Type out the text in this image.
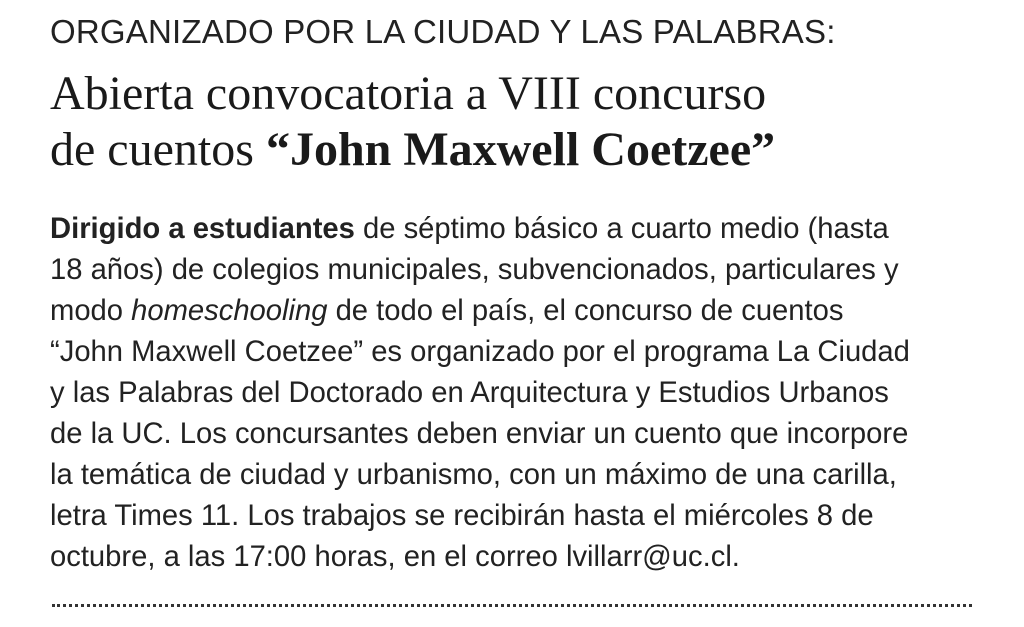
ORGANIZADO POR LA CIUDAD Y LAS PALABRAS:

Abierta convocatoria a VIII concurso
de cuentos “John Maxwell Coetzee”
Dirigido a estudiantes de séptimo básico a cuarto medio (hasta
18 años) de colegios municipales, subvencionados, particulares y
modo homeschooling de todo el país, el concurso de cuentos
“John Maxwell Coetzee” es organizado por el programa La Ciudad
y las Palabras del Doctorado en Arquitectura y Estudios Urbanos
de la UC. Los concursantes deben enviar un cuento que incorpore
la temática de ciudad y urbanismo, con un máximo de una carilla,
letra Times 11. Los trabajos se recibirán hasta el miércoles 8 de
octubre, a las 17:00 horas, en el correo lvillarr@uc.cl.
